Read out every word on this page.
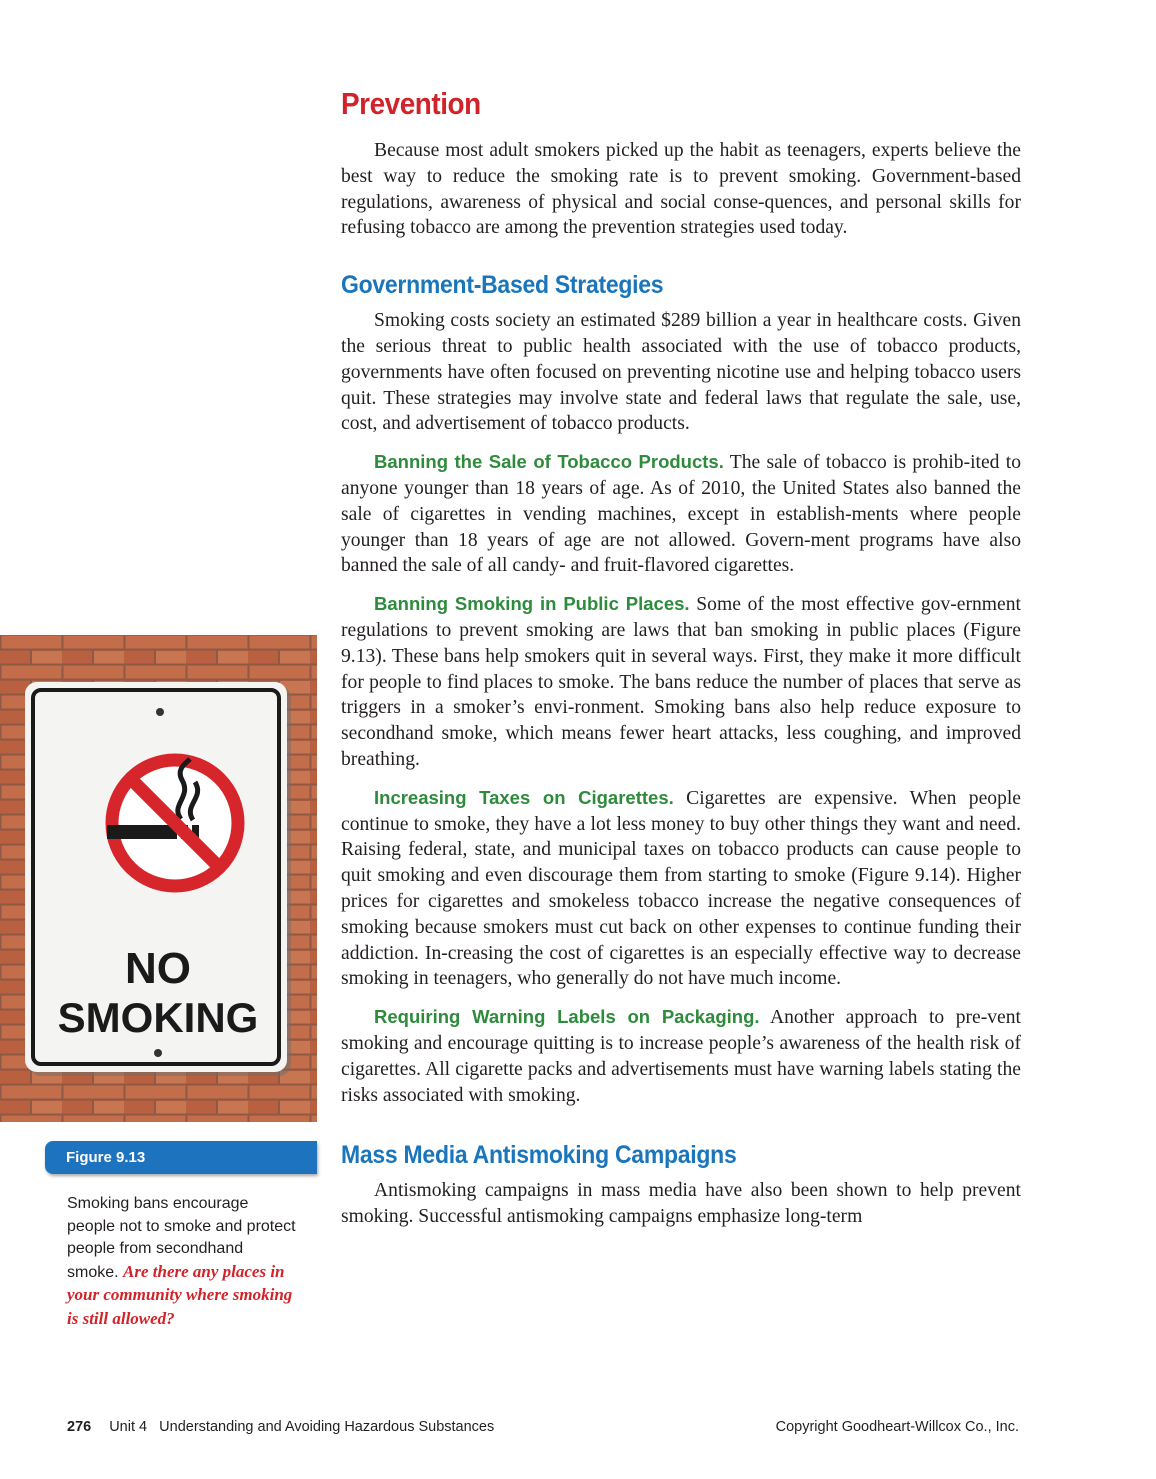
Prevention

Because most adult smokers picked up the habit as teenagers, experts believe the best way to reduce the smoking rate is to prevent smoking. Government-based regulations, awareness of physical and social conse-quences, and personal skills for refusing tobacco are among the prevention strategies used today.

Government-Based Strategies

Smoking costs society an estimated $289 billion a year in healthcare costs. Given the serious threat to public health associated with the use of tobacco products, governments have often focused on preventing nicotine use and helping tobacco users quit. These strategies may involve state and federal laws that regulate the sale, use, cost, and advertisement of tobacco products.

Banning the Sale of Tobacco Products. The sale of tobacco is prohib-ited to anyone younger than 18 years of age. As of 2010, the United States also banned the sale of cigarettes in vending machines, except in establish-ments where people younger than 18 years of age are not allowed. Govern-ment programs have also banned the sale of all candy- and fruit-flavored cigarettes.

Banning Smoking in Public Places. Some of the most effective gov-ernment regulations to prevent smoking are laws that ban smoking in public places (Figure 9.13). These bans help smokers quit in several ways. First, they make it more difficult for people to find places to smoke. The bans reduce the number of places that serve as triggers in a smoker’s envi-ronment. Smoking bans also help reduce exposure to secondhand smoke, which means fewer heart attacks, less coughing, and improved breathing.

Increasing Taxes on Cigarettes. Cigarettes are expensive. When people continue to smoke, they have a lot less money to buy other things they want and need. Raising federal, state, and municipal taxes on tobacco products can cause people to quit smoking and even discourage them from starting to smoke (Figure 9.14). Higher prices for cigarettes and smokeless tobacco increase the negative consequences of smoking because smokers must cut back on other expenses to continue funding their addiction. In-creasing the cost of cigarettes is an especially effective way to decrease smoking in teenagers, who generally do not have much income.

Requiring Warning Labels on Packaging. Another approach to pre-vent smoking and encourage quitting is to increase people’s awareness of the health risk of cigarettes. All cigarette packs and advertisements must have warning labels stating the risks associated with smoking.

Mass Media Antismoking Campaigns

Antismoking campaigns in mass media have also been shown to help prevent smoking. Successful antismoking campaigns emphasize long-term

NO
SMOKING
Figure 9.13
Smoking bans encourage people not to smoke and protect people from secondhand smoke. Are there any places in your community where smoking is still allowed?
276 Unit 4   Understanding and Avoiding Hazardous Substances	Copyright Goodheart-Willcox Co., Inc.
